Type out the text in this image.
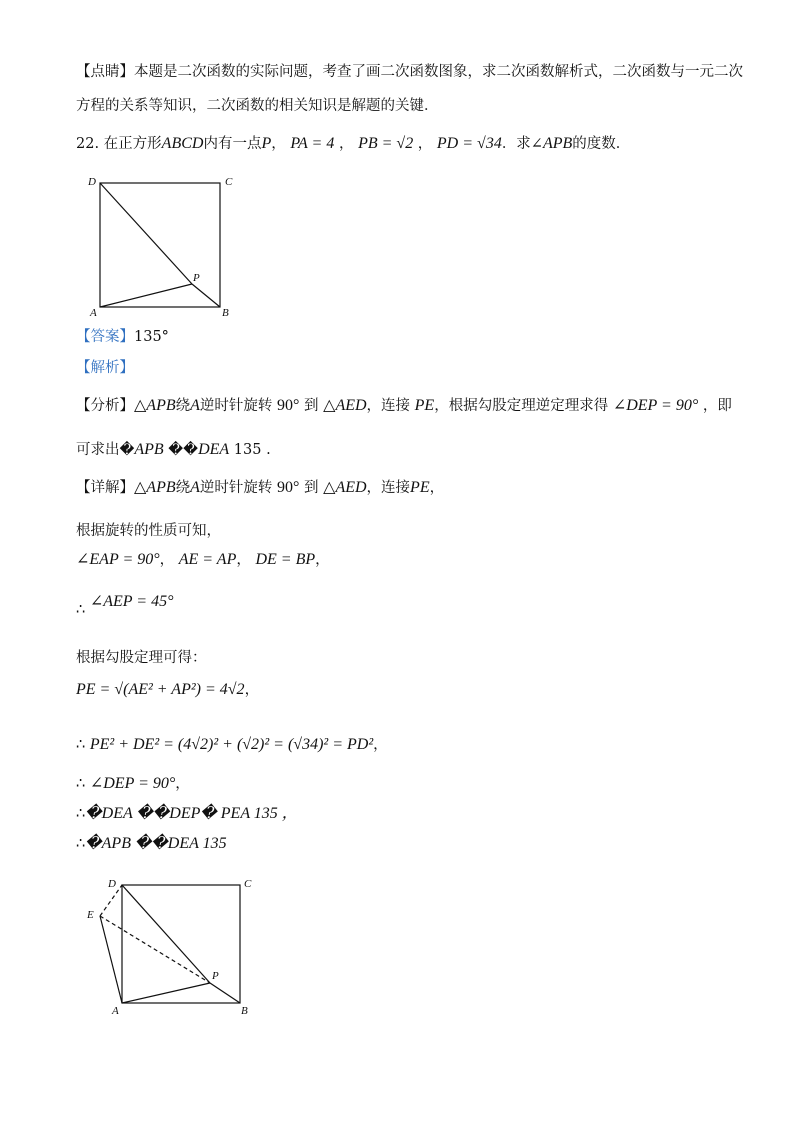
【点睛】本题是二次函数的实际问题，考查了画二次函数图象，求二次函数解析式，二次函数与一元二次
方程的关系等知识，二次函数的相关知识是解题的关键．
22. 在正方形ABCD内有一点P， PA = 4 ， PB = √2 ， PD = √34．求∠APB的度数．
D	C
P
A	B
【答案】135°
【解析】
【分析】△APB绕A逆时针旋转 90° 到 △AED，连接 PE，根据勾股定理逆定理求得 ∠DEP = 90° ，即
可求出�APB ��DEA 135 .
【详解】△APB绕A逆时针旋转 90° 到 △AED，连接PE，
根据旋转的性质可知，
∠EAP = 90°， AE = AP， DE = BP，
∴ ∠AEP = 45°
根据勾股定理可得：
PE = √(AE² + AP²) = 4√2，
∴ PE² + DE² = (4√2)² + (√2)² = (√34)² = PD²，
∴ ∠DEP = 90°，
∴�DEA ��DEP� PEA 135 ，
∴�APB ��DEA 135
D	C
E
P
A	B
